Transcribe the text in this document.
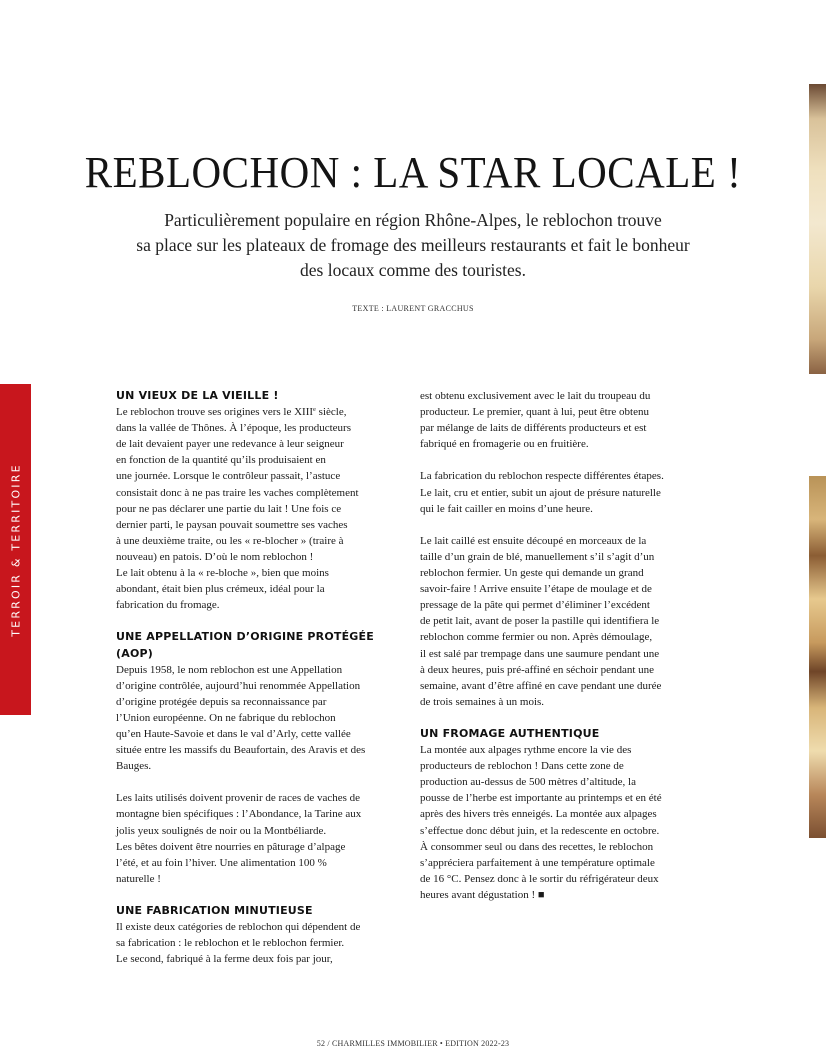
TERROIR & TERRITOIRE
REBLOCHON : LA STAR LOCALE !
Particulièrement populaire en région Rhône-Alpes, le reblochon trouve
sa place sur les plateaux de fromage des meilleurs restaurants et fait le bonheur
des locaux comme des touristes.
TEXTE : LAURENT GRACCHUS
UN VIEUX DE LA VIEILLE !

Le reblochon trouve ses origines vers le XIIIe siècle,
dans la vallée de Thônes. À l’époque, les producteurs
de lait devaient payer une redevance à leur seigneur
en fonction de la quantité qu’ils produisaient en
une journée. Lorsque le contrôleur passait, l’astuce
consistait donc à ne pas traire les vaches complètement
pour ne pas déclarer une partie du lait ! Une fois ce
dernier parti, le paysan pouvait soumettre ses vaches
à une deuxième traite, ou les « re-blocher » (traire à
nouveau) en patois. D’où le nom reblochon !
Le lait obtenu à la « re-bloche », bien que moins
abondant, était bien plus crémeux, idéal pour la
fabrication du fromage.

UNE APPELLATION D’ORIGINE PROTÉGÉE
(AOP)

Depuis 1958, le nom reblochon est une Appellation
d’origine contrôlée, aujourd’hui renommée Appellation
d’origine protégée depuis sa reconnaissance par
l’Union européenne. On ne fabrique du reblochon
qu’en Haute-Savoie et dans le val d’Arly, cette vallée
située entre les massifs du Beaufortain, des Aravis et des
Bauges.

Les laits utilisés doivent provenir de races de vaches de
montagne bien spécifiques : l’Abondance, la Tarine aux
jolis yeux soulignés de noir ou la Montbéliarde.
Les bêtes doivent être nourries en pâturage d’alpage
l’été, et au foin l’hiver. Une alimentation 100 %
naturelle !

UNE FABRICATION MINUTIEUSE

Il existe deux catégories de reblochon qui dépendent de
sa fabrication : le reblochon et le reblochon fermier.
Le second, fabriqué à la ferme deux fois par jour,

est obtenu exclusivement avec le lait du troupeau du
producteur. Le premier, quant à lui, peut être obtenu
par mélange de laits de différents producteurs et est
fabriqué en fromagerie ou en fruitière.

La fabrication du reblochon respecte différentes étapes.
Le lait, cru et entier, subit un ajout de présure naturelle
qui le fait cailler en moins d’une heure.

Le lait caillé est ensuite découpé en morceaux de la
taille d’un grain de blé, manuellement s’il s’agit d’un
reblochon fermier. Un geste qui demande un grand
savoir-faire ! Arrive ensuite l’étape de moulage et de
pressage de la pâte qui permet d’éliminer l’excédent
de petit lait, avant de poser la pastille qui identifiera le
reblochon comme fermier ou non. Après démoulage,
il est salé par trempage dans une saumure pendant une
à deux heures, puis pré-affiné en séchoir pendant une
semaine, avant d’être affiné en cave pendant une durée
de trois semaines à un mois.

UN FROMAGE AUTHENTIQUE

La montée aux alpages rythme encore la vie des
producteurs de reblochon ! Dans cette zone de
production au-dessus de 500 mètres d’altitude, la
pousse de l’herbe est importante au printemps et en été
après des hivers très enneigés. La montée aux alpages
s’effectue donc début juin, et la redescente en octobre.
À consommer seul ou dans des recettes, le reblochon
s’appréciera parfaitement à une température optimale
de 16 °C. Pensez donc à le sortir du réfrigérateur deux
heures avant dégustation ! ■

52 / CHARMILLES IMMOBILIER • EDITION 2022-23
